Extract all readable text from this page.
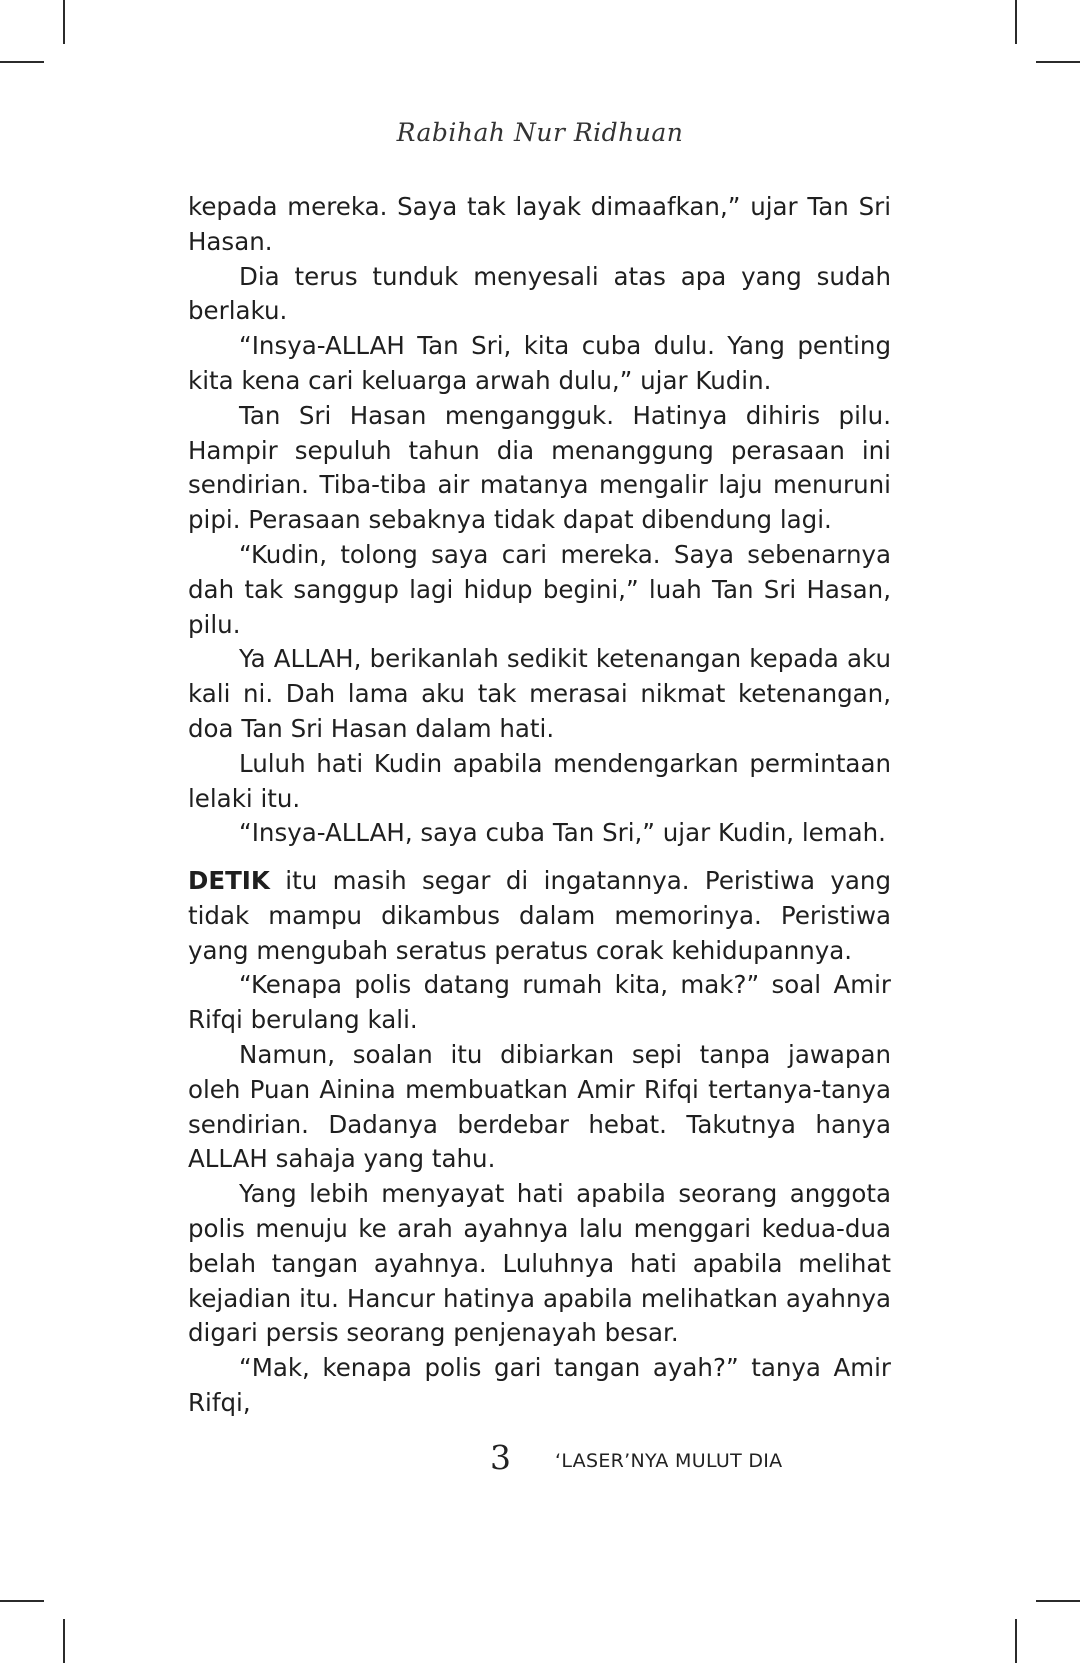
Rabihah Nur Ridhuan

kepada mereka. Saya tak layak dimaafkan,” ujar Tan Sri Hasan.

Dia terus tunduk menyesali atas apa yang sudah berlaku.

“Insya-ALLAH Tan Sri, kita cuba dulu. Yang penting kita kena cari keluarga arwah dulu,” ujar Kudin.

Tan Sri Hasan mengangguk. Hatinya dihiris pilu. Hampir sepuluh tahun dia menanggung perasaan ini sendirian. Tiba-tiba air matanya mengalir laju menuruni pipi. Perasaan sebaknya tidak dapat dibendung lagi.

“Kudin, tolong saya cari mereka. Saya sebenarnya dah tak sanggup lagi hidup begini,” luah Tan Sri Hasan, pilu.

Ya ALLAH, berikanlah sedikit ketenangan kepada aku kali ni. Dah lama aku tak merasai nikmat ketenangan, doa Tan Sri Hasan dalam hati.

Luluh hati Kudin apabila mendengarkan permintaan lelaki itu.

“Insya-ALLAH, saya cuba Tan Sri,” ujar Kudin, lemah.

DETIK itu masih segar di ingatannya. Peristiwa yang tidak mampu dikambus dalam memorinya. Peristiwa yang mengubah seratus peratus corak kehidupannya.

“Kenapa polis datang rumah kita, mak?” soal Amir Rifqi berulang kali.

Namun, soalan itu dibiarkan sepi tanpa jawapan oleh Puan Ainina membuatkan Amir Rifqi tertanya-tanya sendirian. Dadanya berdebar hebat. Takutnya hanya ALLAH sahaja yang tahu.

Yang lebih menyayat hati apabila seorang anggota polis menuju ke arah ayahnya lalu menggari kedua-dua belah tangan ayahnya. Luluhnya hati apabila melihat kejadian itu. Hancur hatinya apabila melihatkan ayahnya digari persis seorang penjenayah besar.

“Mak, kenapa polis gari tangan ayah?” tanya Amir Rifqi,

3 ‘LASER’NYA MULUT DIA
